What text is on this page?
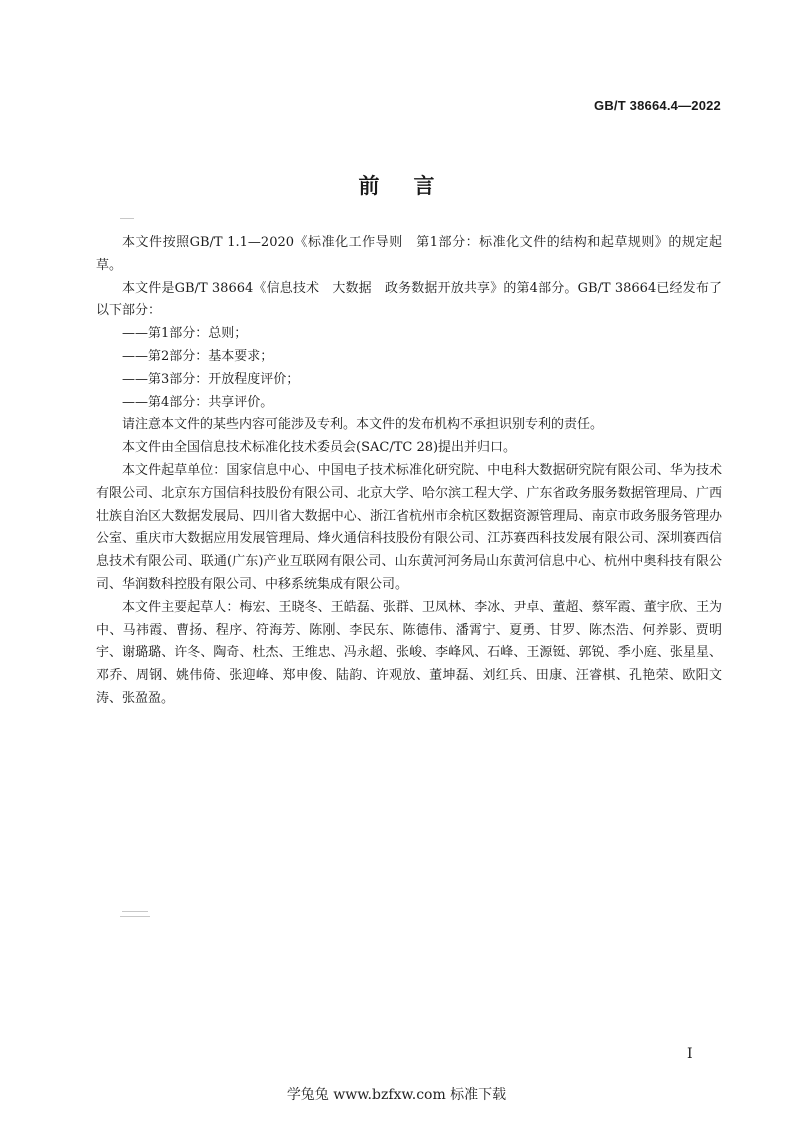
GB/T 38664.4—2022
前言

本文件按照GB/T 1.1—2020《标准化工作导则　第1部分：标准化文件的结构和起草规则》的规定起草。

本文件是GB/T 38664《信息技术　大数据　政务数据开放共享》的第4部分。GB/T 38664已经发布了以下部分：

——第1部分：总则；

——第2部分：基本要求；

——第3部分：开放程度评价；

——第4部分：共享评价。

请注意本文件的某些内容可能涉及专利。本文件的发布机构不承担识别专利的责任。

本文件由全国信息技术标准化技术委员会(SAC/TC 28)提出并归口。

本文件起草单位：国家信息中心、中国电子技术标准化研究院、中电科大数据研究院有限公司、华为技术有限公司、北京东方国信科技股份有限公司、北京大学、哈尔滨工程大学、广东省政务服务数据管理局、广西壮族自治区大数据发展局、四川省大数据中心、浙江省杭州市余杭区数据资源管理局、南京市政务服务管理办公室、重庆市大数据应用发展管理局、烽火通信科技股份有限公司、江苏赛西科技发展有限公司、深圳赛西信息技术有限公司、联通(广东)产业互联网有限公司、山东黄河河务局山东黄河信息中心、杭州中奥科技有限公司、华润数科控股有限公司、中移系统集成有限公司。

本文件主要起草人：梅宏、王晓冬、王皓磊、张群、卫凤林、李冰、尹卓、董超、蔡军霞、董宇欣、王为中、马祎霞、曹扬、程序、符海芳、陈刚、李民东、陈德伟、潘霄宁、夏勇、甘罗、陈杰浩、何养影、贾明宇、谢璐璐、许冬、陶奇、杜杰、王维忠、冯永超、张峻、李峰风、石峰、王源铤、郭锐、季小庭、张星星、邓乔、周钢、姚伟倚、张迎峰、郑申俊、陆韵、许观放、董坤磊、刘红兵、田康、汪睿棋、孔艳荣、欧阳文涛、张盈盈。

I
学兔兔 www.bzfxw.com 标准下载
